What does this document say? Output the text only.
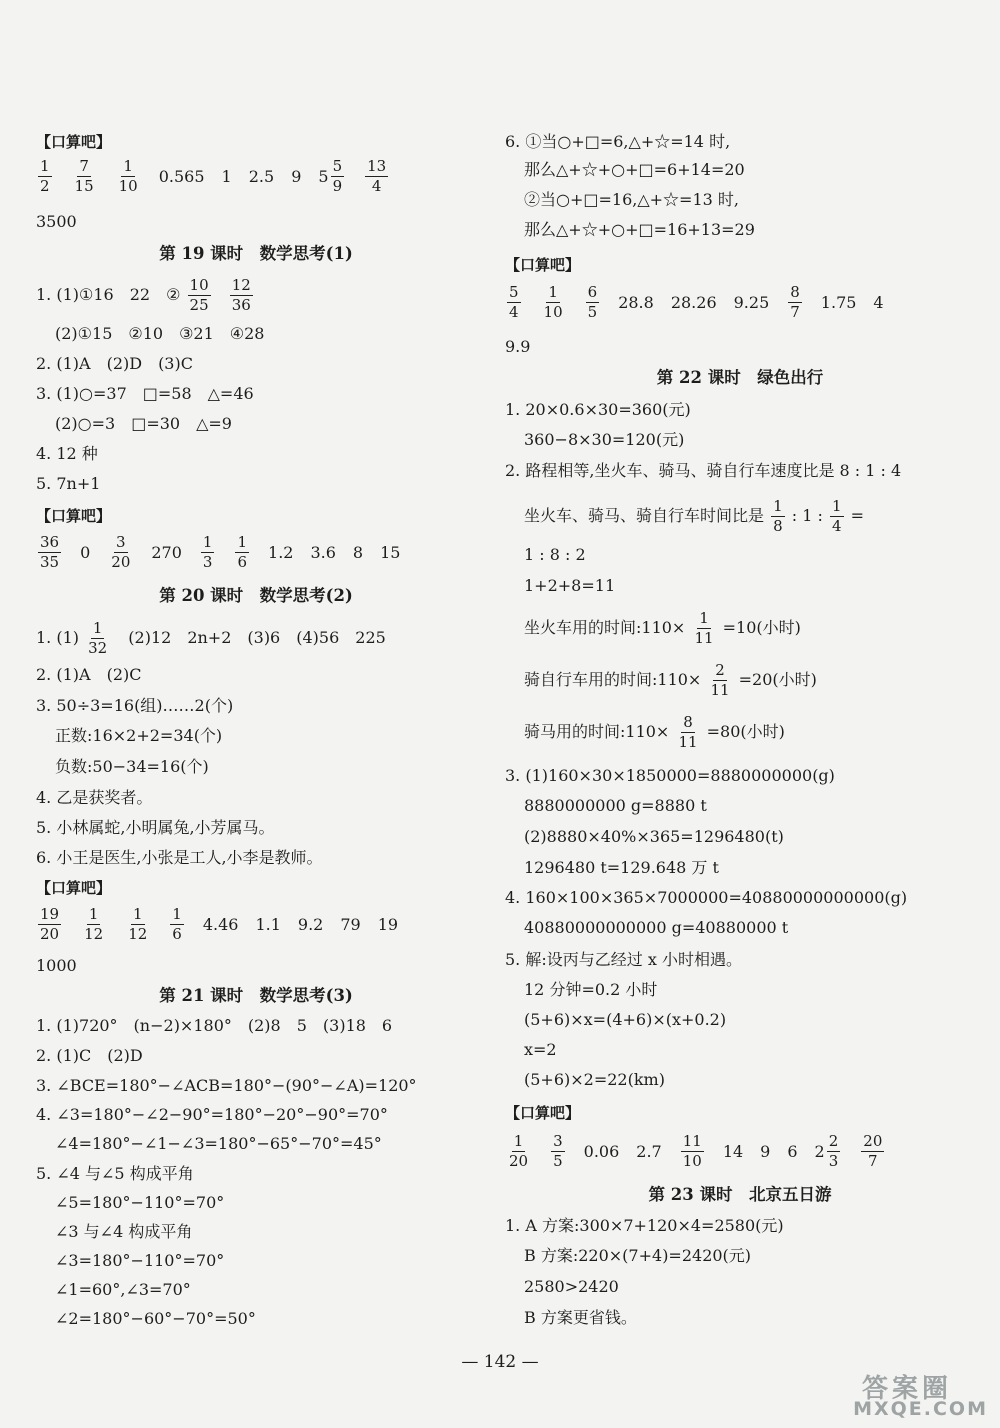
【口算吧】
$\frac{1}{2} \frac{7}{15} \frac{1}{10} 0.565$ 1 2.5 9 $5 \frac{5}{9} \frac{13}{4}$
3500
第 19 课时　数学思考(1)
1. (1)①16　22　② $\frac{10}{25}$
$\frac{12}{36}$
(2)①15　②10　③21　④28
2. (1)A　(2)D　(3)C
3. (1)○=37　□=58　△=46
(2)○=3　□=30　△=9
4. 12 种
5. 7n+1
【口算吧】
$\frac{36}{35} 0 \frac{3}{20} 270 \frac{1}{3} \frac{1}{6} 1.2$ 3.6 8 15
第 20 课时　数学思考(2)
1. $(1) \frac{1}{32} (2)12$　2n+2　(3)6　(4)56　225
2. (1)A　(2)C
3. 50÷3=16(组)……2(个)
正数:16×2+2=34(个)
负数:50−34=16(个)
4. 乙是获奖者。
5. 小林属蛇,小明属兔,小芳属马。
6. 小王是医生,小张是工人,小李是教师。
【口算吧】
$\frac{19}{20} \frac{1}{12} \frac{1}{12} \frac{1}{6} 4.46$ 1.1 9.2 79 19
1000
第 21 课时　数学思考(3)
1. (1)720°　(n−2)×180°　(2)8　5　(3)18　6
2. (1)C　(2)D
3. ∠BCE=180°−∠ACB=180°−(90°−∠A)=120°
4. ∠3=180°−∠2−90°=180°−20°−90°=70°
∠4=180°−∠1−∠3=180°−65°−70°=45°
5. ∠4 与∠5 构成平角
∠5=180°−110°=70°
∠3 与∠4 构成平角
∠3=180°−110°=70°
∠1=60°,∠3=70°
∠2=180°−60°−70°=50°
6. ①当○+□=6,△+☆=14 时,
那么△+☆+○+□=6+14=20
②当○+□=16,△+☆=13 时,
那么△+☆+○+□=16+13=29
【口算吧】
$\frac{5}{4} \frac{1}{10} \frac{6}{5} 28.8$ 28.26 $9.25 \frac{8}{7} 1.75$ 4
9.9
第 22 课时　绿色出行
1. 20×0.6×30=360(元)
360−8×30=120(元)
2. 路程相等,坐火车、骑马、骑自行车速度比是 8 : 1 : 4
坐火车、骑马、骑自行车时间比是 $\frac{1}{8}$ : 1 : $\frac{1}{4}$ =
1 : 8 : 2
1+2+8=11
坐火车用的时间:110× $\frac{1}{11} =10$(小时)
骑自行车用的时间:110× $\frac{2}{11} =20$(小时)
骑马用的时间:110× $\frac{8}{11} =80$(小时)
3. (1)160×30×1850000=8880000000(g)
8880000000 g=8880 t
(2)8880×40%×365=1296480(t)
1296480 t=129.648 万 t
4. 160×100×365×7000000=40880000000000(g)
40880000000000 g=40880000 t
5. 解:设丙与乙经过 x 小时相遇。
12 分钟=0.2 小时
(5+6)×x=(4+6)×(x+0.2)
x=2
(5+6)×2=22(km)
【口算吧】
$\frac{1}{20} \frac{3}{5} 0.06$ $2.7 \frac{11}{10} 14$ 9 6 $2 \frac{2}{3} \frac{20}{7}$
第 23 课时　北京五日游
1. A 方案:300×7+120×4=2580(元)
B 方案:220×(7+4)=2420(元)
2580>2420
B 方案更省钱。
— 142 —
答案圈
MXQE.COM
